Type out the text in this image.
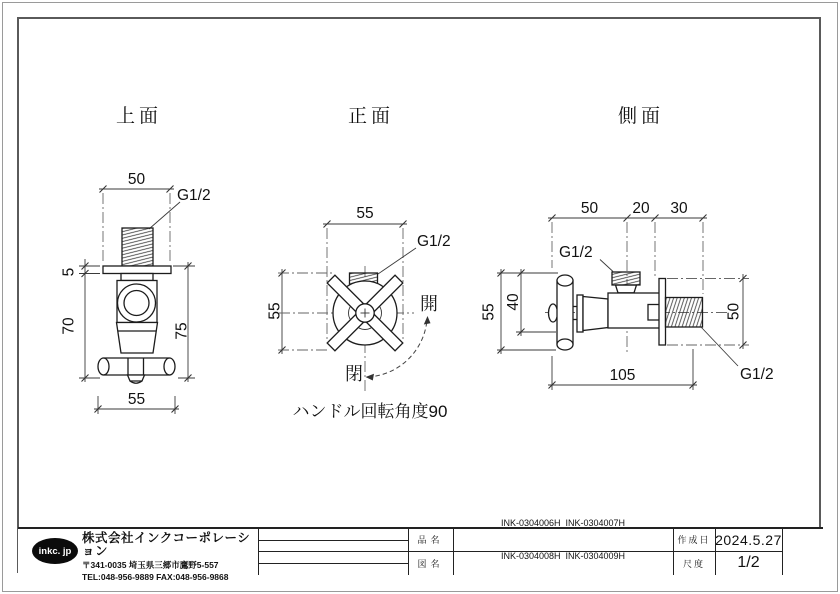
上面
50
G1/2
5
70	75
55
正面
55
G1/2
55	開
閉
ハンドル回転角度90
側面
50 20 30
G1/2
55
40
50
G1/2
105
inkc. jp
株式会社インクコーポレーション
〒341-0035 埼玉県三郷市鷹野5-557
TEL:048-956-9889 FAX:048-956-9868
品名

INK-0304006H  INK-0304007H

INK-0304008H  INK-0304009H

図名
作成日 2024.5.27
尺度	1/2
